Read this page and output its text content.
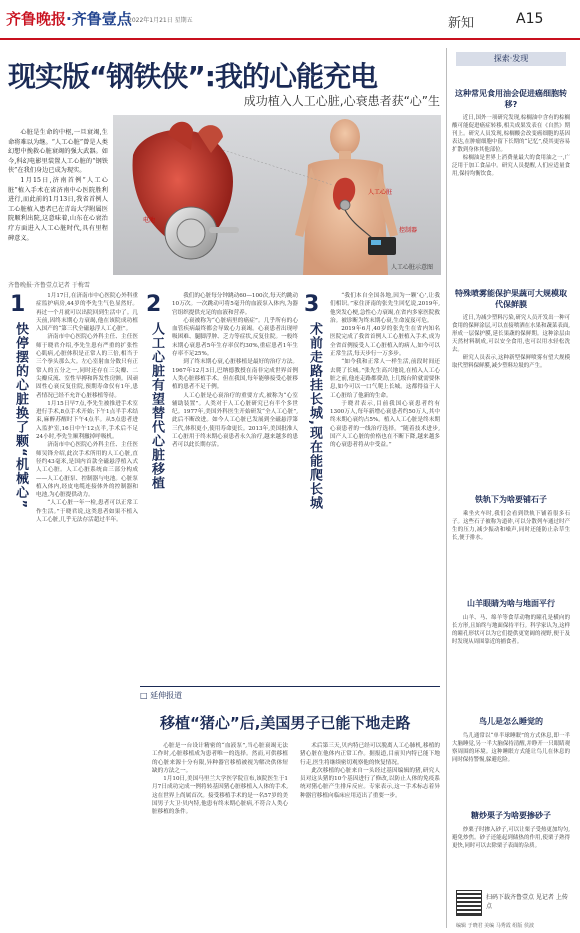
齐鲁晚报·齐鲁壹点
2022年1月21日 星期五	新知	A15
现实版“钢铁侠”:我的心能充电
成功植入人工心脏,心衰患者获“心”生

心脏是生命的中枢,一旦衰竭,生命将难以为继。“人工心脏”曾是人类幻想中挽救心脏衰竭的强大武器。如今,科幻电影里装置人工心脏的“钢铁侠”在我们身边已成为现实。

1月15日,济南首例“人工心脏”植入手术在省济南中心医院胜利进行,而此前的1月13日,我省首例人工心脏植入患者已在青岛大学附属医院顺利出院,这意味着,山东在心衰治疗方面进入人工心脏时代,具有里程碑意义。

人工心脏
电池
控制器
人工心脏示意图
齐鲁晚报·齐鲁壹点记者 于梅雪
1
快停摆的心脏换了颗“机械心”

1月17日,在济南市中心医院心外科重症监护病房,44岁的李先生气色显然好。再过一个月就可以出院回到生活中了。几天前,因终末期心力衰竭,他在该院成功植入国产的“第三代全磁悬浮人工心脏”。

济南市中心医院心外科主任、主任医师于晓君介绍,李先生患有严重的扩张性心肌病,心脏体积是正常人的三倍,相当于三个拳头那么大。左心室射血分数只有正常人的五分之一,同时还存在三尖瓣、二尖瓣反流、室性早搏和阵发性房颤。因顽固性心衰反复住院,预期寿命仅有1年,患者情况已经不允许心脏移植等待。

1月15日早7点,李先生被推进手术室进行手术,8点手术开始;下午1点半手术结束,麻醉苏醒时下午4点半。从5点患者进入监护室,16日中午12点半,手术后不足24小时,李先生顺利撤掉呼吸机。

济南市中心医院心外科主任、主任医师吴锋介绍,此次手术所用的人工心脏,直径约43毫米,是国内首款全磁悬浮植入式人工心脏。人工心脏系统由三部分构成——人工心脏泵、控制器与电池。心脏泵植入体内,经皮电缆连接体外的控制器和电池,为心脏提供动力。

“人工心脏一年一检,患者可以正常工作生活。”于晓君说,这类患者如果不植入人工心脏,几乎无法存活超过半年。

2
人工心脏有望替代心脏移植

我们的心脏每分钟跳动60—100次,每天约跳动10万次。一次跳动可将5毫升的血液泵入体内,为器官组织提供充足的血液和营养。

心衰被称为“心脏病里的癌症”。几乎所有的心血管疾病最终都会导致心力衰竭。心衰患者出现呼吸困难、腿脚浮肿、乏力等症状,反复住院。一般终末期心衰患者5年生存率仅约30%,重症患者1年生存率不足25%。

到了终末期心衰,心脏移植是最好的治疗方法。1967年12月3日,巴纳德教授在南非完成世界首例人类心脏移植手术。但在我国,每年能够接受心脏移植的患者不足千例。

人工心脏是心衰治疗的重要方式,被称为“心室辅助装置”。人类对于人工心脏研究已有半个多世纪。1977年,美国外科医生开始研发“全人工心脏”,此后不断改进。如今人工心脏已发展到全磁悬浮第三代,体积更小,使用寿命更长。2013年,美国批准人工心脏用于终末期心衰患者永久治疗,越来越多的患者可以此长期存活。

3
术前走路挂长城,现在能爬长城

“我们本自全国各地,因为一颗‘心’,让我们相识。”家住济南的张先生回忆说,2019年,他突发心梗,急性心力衰竭,在省内多家医院救治。被诊断为终末期心衰,生命岌岌可危。

2019年6月,40岁的张先生在省内知名医院完成了我省首例人工心脏植入手术,成为全省首例接受人工心脏植入的病人,如今可以正常生活,每天步行一万多步。

“如今我和正常人一样生活,前段时间还去爬了长城。”张先生高兴地说,在植入人工心脏之前,他连走路都费劲,上几级台阶就需要休息,如今可以一口气爬上长城。这都得益于人工心脏给了他新的生命。

于晓君表示,目前我国心衰患者约有1300万人,每年新增心衰患者约50万人,其中终末期心衰约占5%。植入人工心脏是终末期心衰患者的一线治疗选择。“随着技术进步,国产人工心脏的价格也在不断下降,越来越多的心衰患者将从中受益。”

□ 延伸报道
移植“猪心”后,美国男子已能下地走路

心脏是一台设计精密的“血液泵”,当心脏衰竭无法工作时,心脏移植成为患者唯一的选择。然而,可供移植的心脏来源十分有限,异种器官移植被视为解决供体短缺的方法之一。

1月10日,美国马里兰大学医学院宣布,该院医生于1月7日成功完成一例将转基因猪心脏移植入人体的手术,这在世界上尚属首次。接受移植手术的是一名57岁的美国男子大卫·贝内特,他患有终末期心脏病,不符合人类心脏移植的条件。

术后第三天,贝内特已经可以脱离人工心肺机,移植的猪心脏在他体内正常工作。据报道,目前贝内特已能下地行走,医生将继续密切观察他的恢复情况。

此次移植的心脏来自一头经过基因编辑的猪,研究人员对这头猪的10个基因进行了修改,以防止人体的免疫系统对猪心脏产生排斥反应。专家表示,这一手术标志着异种器官移植向临床应用迈出了重要一步。

探索·发现
这种常见食用油会促进癌细胞转移?

近日,国外一项研究发现,棕榈油中含有的棕榈酸可能促进癌症转移,相关成果发表在《自然》期刊上。研究人员发现,棕榈酸会改变癌细胞的基因表达,在肿瘤细胞中留下长期的“记忆”,使其更容易扩散到身体其他部位。

棕榈油是世界上消费量最大的食用油之一,广泛用于加工食品中。研究人员提醒,人们应适量食用,保持均衡饮食。

特殊喷雾能保护果蔬可大规模取代保鲜膜

近日,为减少塑料污染,研究人员开发出一种可食用的保鲜涂层,可以直接喷洒在水果和蔬菜表面,形成一层保护膜,延长果蔬的保鲜期。这种涂层由天然材料制成,可以安全食用,也可以用水轻松洗去。

研究人员表示,这种新型保鲜喷雾有望大规模取代塑料保鲜膜,减少塑料垃圾的产生。

铁轨下为啥要铺石子

乘坐火车时,我们会看到铁轨下铺着很多石子。这些石子被称为道砟,可以分散列车通过时产生的压力,减少振动和噪声,同时还能防止杂草生长,便于排水。

山羊眼睛为啥与地面平行

山羊、马、绵羊等食草动物的瞳孔是横向的长方形,且始终与地面保持平行。科学家认为,这样的瞳孔形状可以为它们提供更宽阔的视野,便于及时发现从周围靠近的捕食者。

鸟儿是怎么睡觉的

鸟儿通常以“单半球睡眠”的方式休息,即一半大脑睡觉,另一半大脑保持清醒,并睁开一只眼睛观察周围的环境。这种睡眠方式能让鸟儿在休息的同时保持警惕,躲避危险。

糖炒栗子为啥要掺砂子

炒栗子时掺入砂子,可以让栗子受热更加均匀,避免炒焦。砂子还能起到储热的作用,使栗子熟得更快,同时可以去除栗子表面的杂质。

扫码下载齐鲁壹点 见记者 上传点
编辑 于晓君 美编 马秀霞 组版 侯波
